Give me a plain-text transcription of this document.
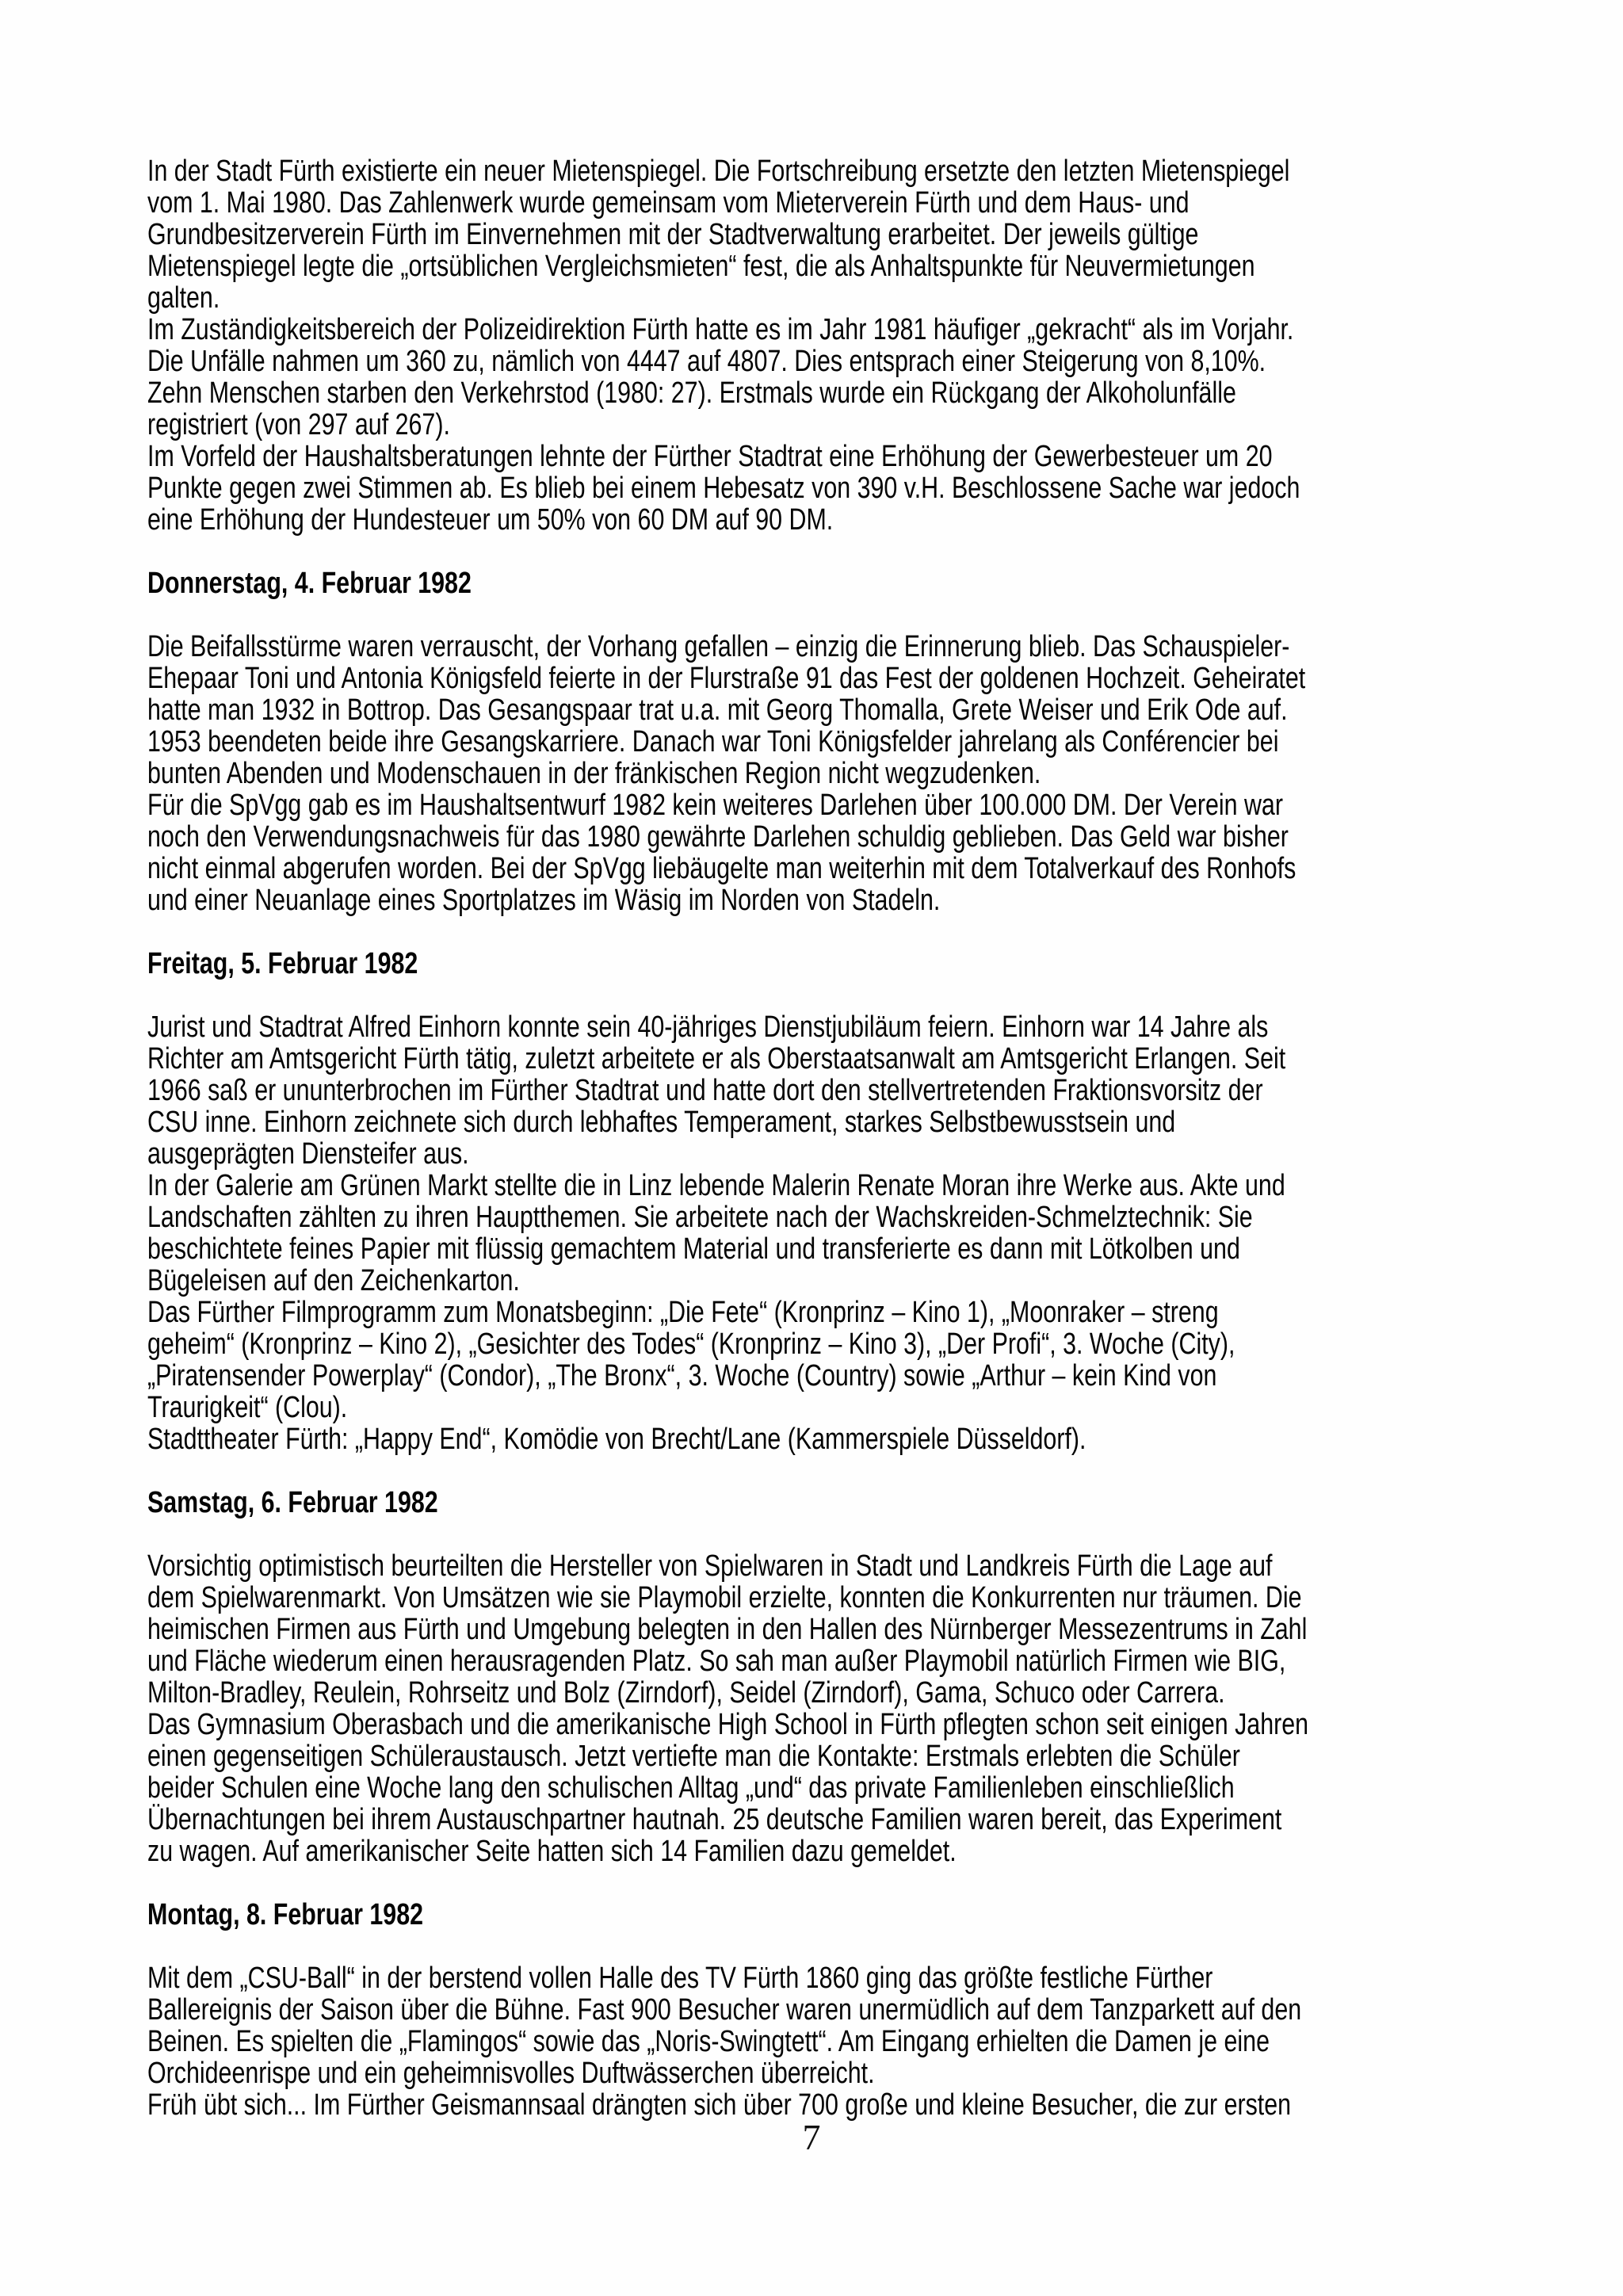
In der Stadt Fürth existierte ein neuer Mietenspiegel. Die Fortschreibung ersetzte den letzten Mietenspiegel
vom 1. Mai 1980. Das Zahlenwerk wurde gemeinsam vom Mieterverein Fürth und dem Haus- und
Grundbesitzerverein Fürth im Einvernehmen mit der Stadtverwaltung erarbeitet. Der jeweils gültige
Mietenspiegel legte die „ortsüblichen Vergleichsmieten“ fest, die als Anhaltspunkte für Neuvermietungen
galten.
Im Zuständigkeitsbereich der Polizeidirektion Fürth hatte es im Jahr 1981 häufiger „gekracht“ als im Vorjahr.
Die Unfälle nahmen um 360 zu, nämlich von 4447 auf 4807. Dies entsprach einer Steigerung von 8,10%.
Zehn Menschen starben den Verkehrstod (1980: 27). Erstmals wurde ein Rückgang der Alkoholunfälle
registriert (von 297 auf 267).
Im Vorfeld der Haushaltsberatungen lehnte der Fürther Stadtrat eine Erhöhung der Gewerbesteuer um 20
Punkte gegen zwei Stimmen ab. Es blieb bei einem Hebesatz von 390 v.H. Beschlossene Sache war jedoch
eine Erhöhung der Hundesteuer um 50% von 60 DM auf 90 DM.
Donnerstag, 4. Februar 1982
Die Beifallsstürme waren verrauscht, der Vorhang gefallen – einzig die Erinnerung blieb. Das Schauspieler-
Ehepaar Toni und Antonia Königsfeld feierte in der Flurstraße 91 das Fest der goldenen Hochzeit. Geheiratet
hatte man 1932 in Bottrop. Das Gesangspaar trat u.a. mit Georg Thomalla, Grete Weiser und Erik Ode auf.
1953 beendeten beide ihre Gesangskarriere. Danach war Toni Königsfelder jahrelang als Conférencier bei
bunten Abenden und Modenschauen in der fränkischen Region nicht wegzudenken.
Für die SpVgg gab es im Haushaltsentwurf 1982 kein weiteres Darlehen über 100.000 DM. Der Verein war
noch den Verwendungsnachweis für das 1980 gewährte Darlehen schuldig geblieben. Das Geld war bisher
nicht einmal abgerufen worden. Bei der SpVgg liebäugelte man weiterhin mit dem Totalverkauf des Ronhofs
und einer Neuanlage eines Sportplatzes im Wäsig im Norden von Stadeln.
Freitag, 5. Februar 1982
Jurist und Stadtrat Alfred Einhorn konnte sein 40-jähriges Dienstjubiläum feiern. Einhorn war 14 Jahre als
Richter am Amtsgericht Fürth tätig, zuletzt arbeitete er als Oberstaatsanwalt am Amtsgericht Erlangen. Seit
1966 saß er ununterbrochen im Fürther Stadtrat und hatte dort den stellvertretenden Fraktionsvorsitz der
CSU inne. Einhorn zeichnete sich durch lebhaftes Temperament, starkes Selbstbewusstsein und
ausgeprägten Diensteifer aus.
In der Galerie am Grünen Markt stellte die in Linz lebende Malerin Renate Moran ihre Werke aus. Akte und
Landschaften zählten zu ihren Hauptthemen. Sie arbeitete nach der Wachskreiden-Schmelztechnik: Sie
beschichtete feines Papier mit flüssig gemachtem Material und transferierte es dann mit Lötkolben und
Bügeleisen auf den Zeichenkarton.
Das Fürther Filmprogramm zum Monatsbeginn: „Die Fete“ (Kronprinz – Kino 1), „Moonraker – streng
geheim“ (Kronprinz – Kino 2), „Gesichter des Todes“ (Kronprinz – Kino 3), „Der Profi“, 3. Woche (City),
„Piratensender Powerplay“ (Condor), „The Bronx“, 3. Woche (Country) sowie „Arthur – kein Kind von
Traurigkeit“ (Clou).
Stadttheater Fürth: „Happy End“, Komödie von Brecht/Lane (Kammerspiele Düsseldorf).
Samstag, 6. Februar 1982
Vorsichtig optimistisch beurteilten die Hersteller von Spielwaren in Stadt und Landkreis Fürth die Lage auf
dem Spielwarenmarkt. Von Umsätzen wie sie Playmobil erzielte, konnten die Konkurrenten nur träumen. Die
heimischen Firmen aus Fürth und Umgebung belegten in den Hallen des Nürnberger Messezentrums in Zahl
und Fläche wiederum einen herausragenden Platz. So sah man außer Playmobil natürlich Firmen wie BIG,
Milton-Bradley, Reulein, Rohrseitz und Bolz (Zirndorf), Seidel (Zirndorf), Gama, Schuco oder Carrera.
Das Gymnasium Oberasbach und die amerikanische High School in Fürth pflegten schon seit einigen Jahren
einen gegenseitigen Schüleraustausch. Jetzt vertiefte man die Kontakte: Erstmals erlebten die Schüler
beider Schulen eine Woche lang den schulischen Alltag „und“ das private Familienleben einschließlich
Übernachtungen bei ihrem Austauschpartner hautnah. 25 deutsche Familien waren bereit, das Experiment
zu wagen. Auf amerikanischer Seite hatten sich 14 Familien dazu gemeldet.
Montag, 8. Februar 1982
Mit dem „CSU-Ball“ in der berstend vollen Halle des TV Fürth 1860 ging das größte festliche Fürther
Ballereignis der Saison über die Bühne. Fast 900 Besucher waren unermüdlich auf dem Tanzparkett auf den
Beinen. Es spielten die „Flamingos“ sowie das „Noris-Swingtett“. Am Eingang erhielten die Damen je eine
Orchideenrispe und ein geheimnisvolles Duftwässerchen überreicht.
Früh übt sich... Im Fürther Geismannsaal drängten sich über 700 große und kleine Besucher, die zur ersten
7
